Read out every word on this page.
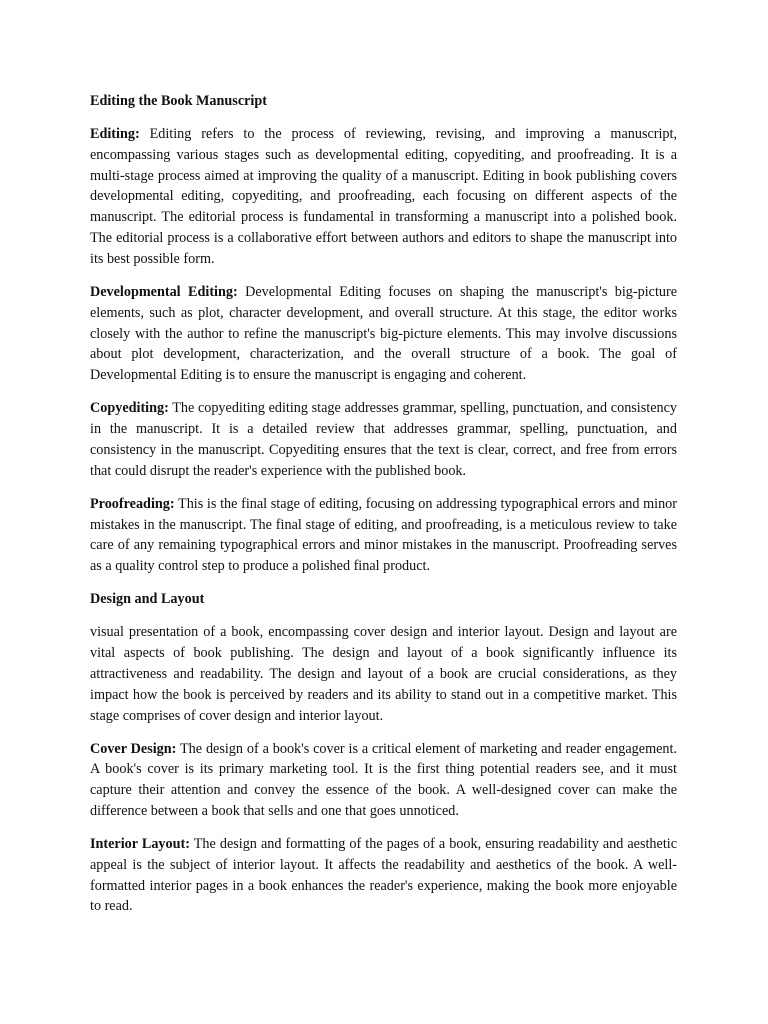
Editing the Book Manuscript

Editing: Editing refers to the process of reviewing, revising, and improving a manuscript, encompassing various stages such as developmental editing, copyediting, and proofreading. It is a multi-stage process aimed at improving the quality of a manuscript. Editing in book publishing covers developmental editing, copyediting, and proofreading, each focusing on different aspects of the manuscript. The editorial process is fundamental in transforming a manuscript into a polished book. The editorial process is a collaborative effort between authors and editors to shape the manuscript into its best possible form.

Developmental Editing: Developmental Editing focuses on shaping the manuscript's big-picture elements, such as plot, character development, and overall structure. At this stage, the editor works closely with the author to refine the manuscript's big-picture elements. This may involve discussions about plot development, characterization, and the overall structure of a book. The goal of Developmental Editing is to ensure the manuscript is engaging and coherent.

Copyediting: The copyediting editing stage addresses grammar, spelling, punctuation, and consistency in the manuscript. It is a detailed review that addresses grammar, spelling, punctuation, and consistency in the manuscript. Copyediting ensures that the text is clear, correct, and free from errors that could disrupt the reader's experience with the published book.

Proofreading: This is the final stage of editing, focusing on addressing typographical errors and minor mistakes in the manuscript. The final stage of editing, and proofreading, is a meticulous review to take care of any remaining typographical errors and minor mistakes in the manuscript. Proofreading serves as a quality control step to produce a polished final product.

Design and Layout

visual presentation of a book, encompassing cover design and interior layout. Design and layout are vital aspects of book publishing. The design and layout of a book significantly influence its attractiveness and readability. The design and layout of a book are crucial considerations, as they impact how the book is perceived by readers and its ability to stand out in a competitive market. This stage comprises of cover design and interior layout.

Cover Design: The design of a book's cover is a critical element of marketing and reader engagement. A book's cover is its primary marketing tool. It is the first thing potential readers see, and it must capture their attention and convey the essence of the book. A well-designed cover can make the difference between a book that sells and one that goes unnoticed.

Interior Layout: The design and formatting of the pages of a book, ensuring readability and aesthetic appeal is the subject of interior layout. It affects the readability and aesthetics of the book. A well-formatted interior pages in a book enhances the reader's experience, making the book more enjoyable to read.
